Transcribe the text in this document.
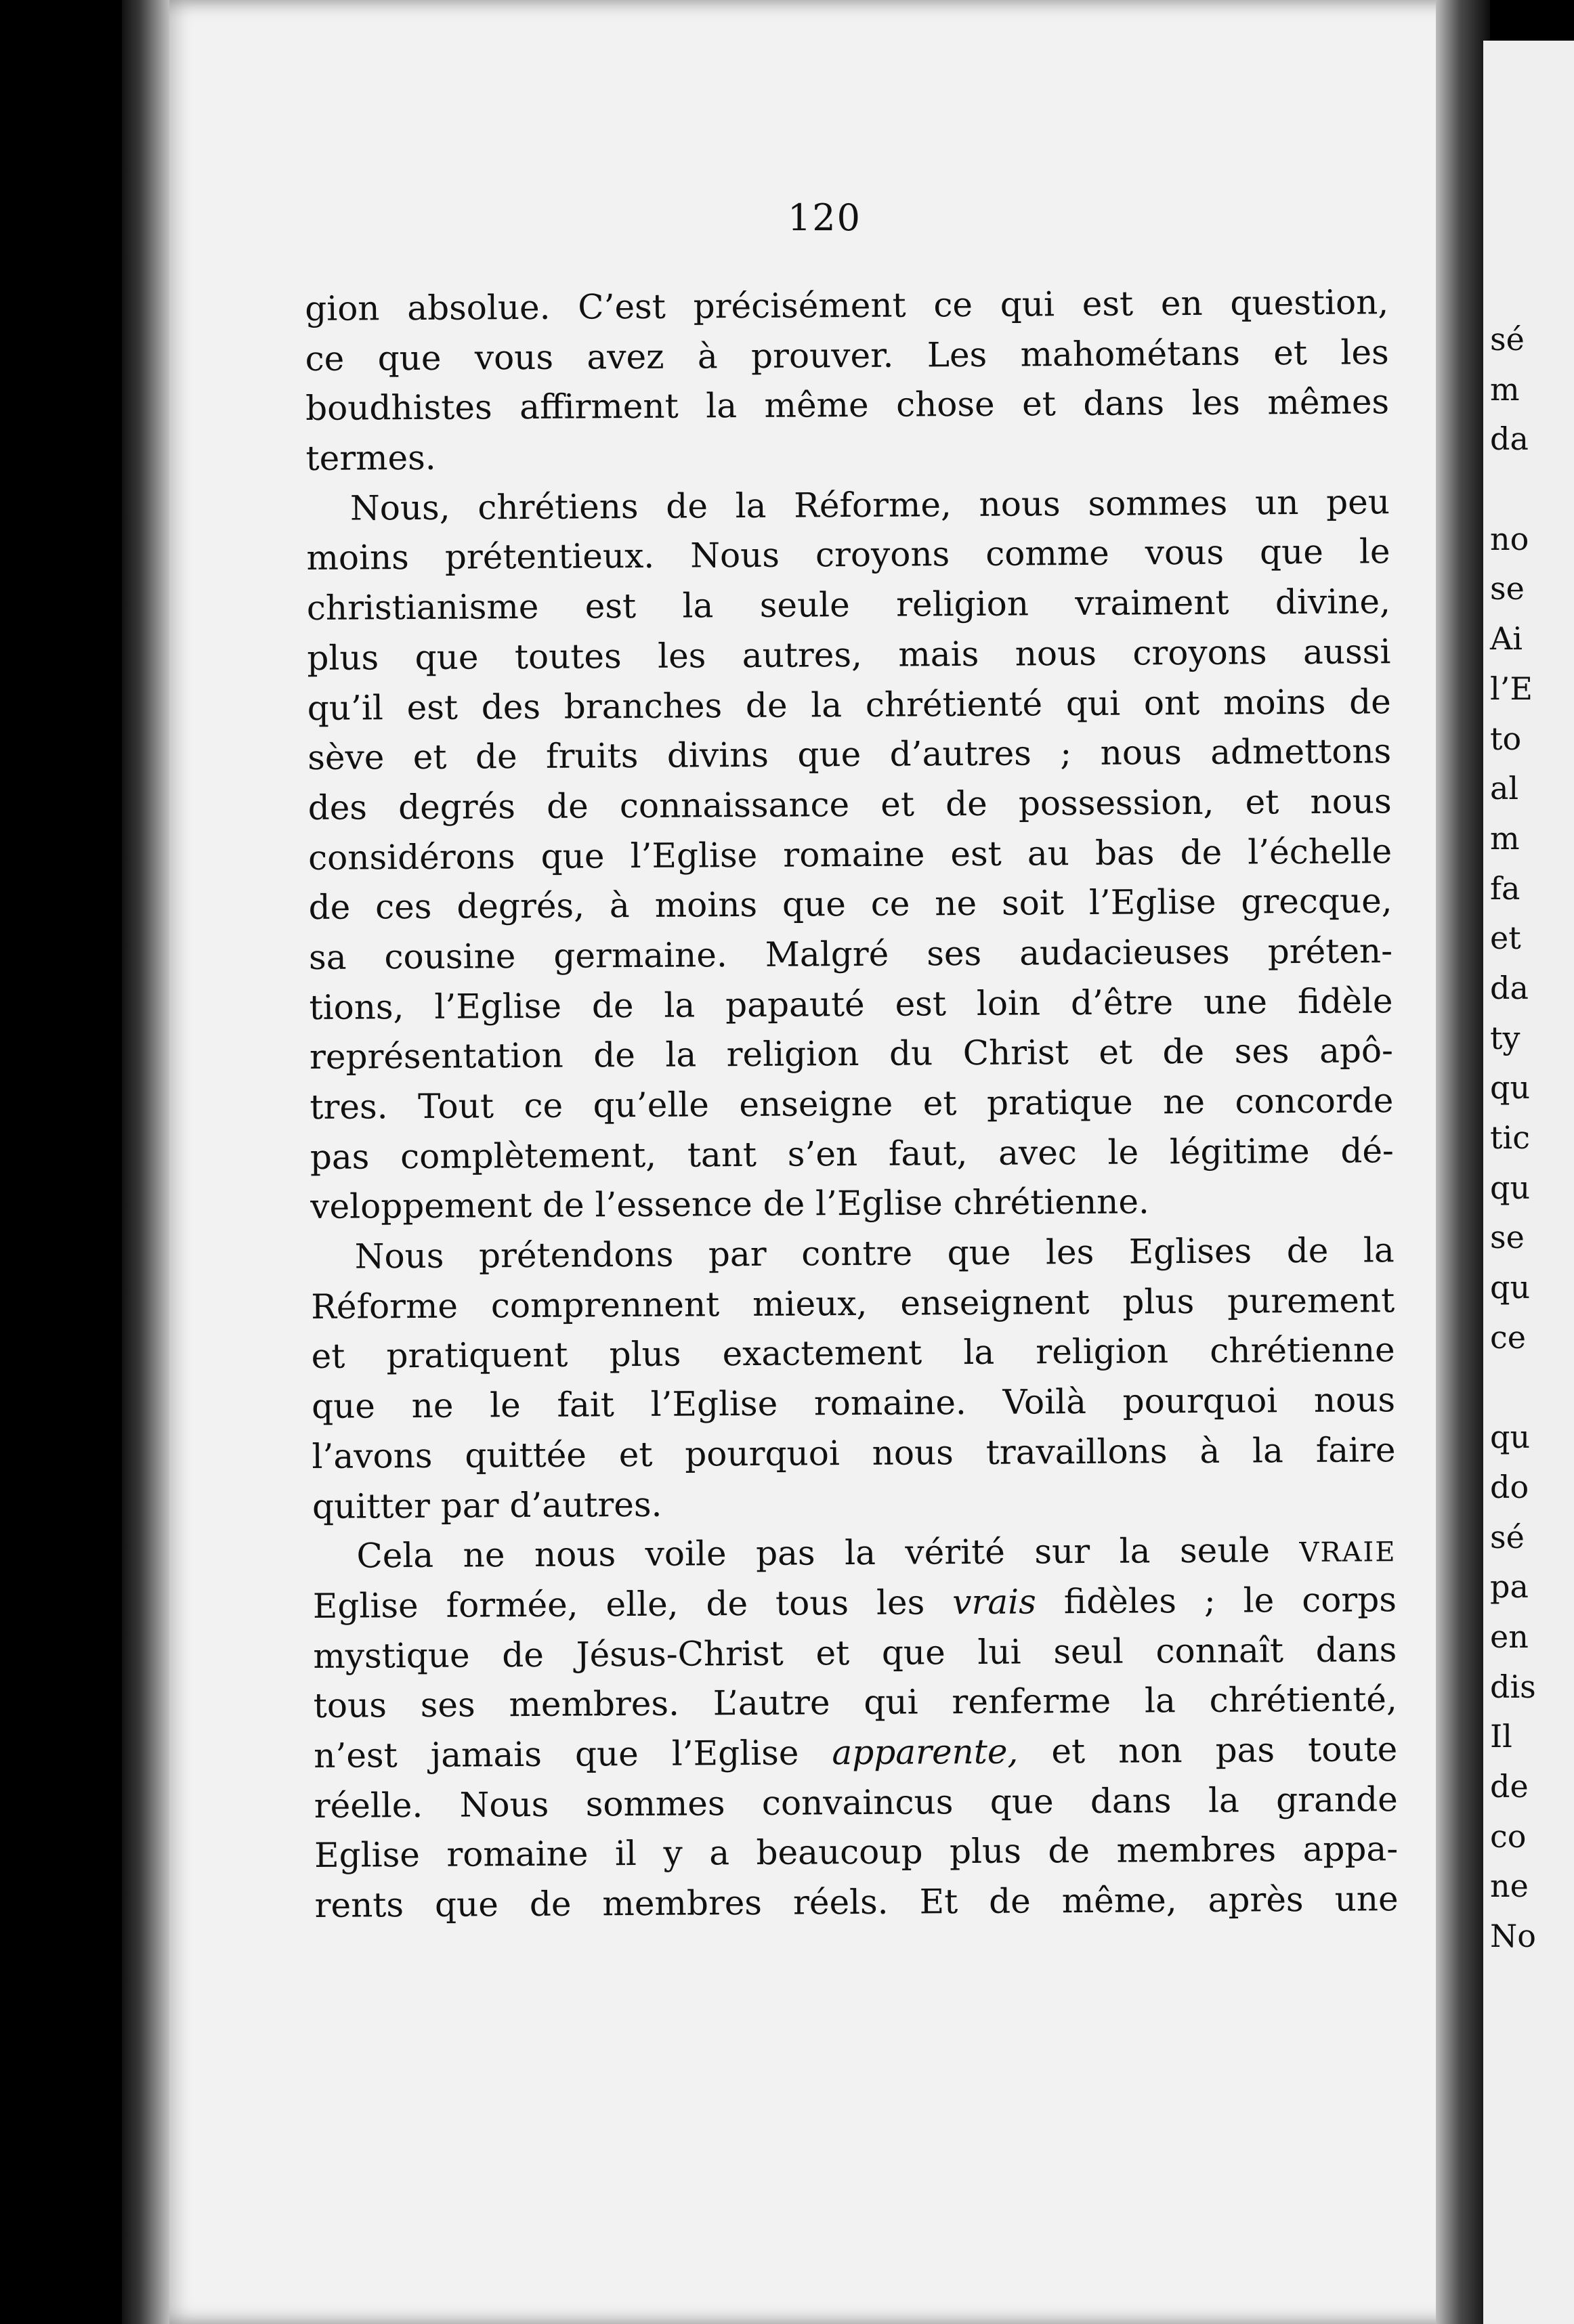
120
gion absolue. C’est précisément ce qui est en question,
ce que vous avez à prouver. Les mahométans et les
boudhistes affirment la même chose et dans les mêmes
termes.
Nous, chrétiens de la Réforme, nous sommes un peu
moins prétentieux. Nous croyons comme vous que le
christianisme est la seule religion vraiment divine,
plus que toutes les autres, mais nous croyons aussi
qu’il est des branches de la chrétienté qui ont moins de
sève et de fruits divins que d’autres ; nous admettons
des degrés de connaissance et de possession, et nous
considérons que l’Eglise romaine est au bas de l’échelle
de ces degrés, à moins que ce ne soit l’Eglise grecque,
sa cousine germaine. Malgré ses audacieuses préten-
tions, l’Eglise de la papauté est loin d’être une fidèle
représentation de la religion du Christ et de ses apô-
tres. Tout ce qu’elle enseigne et pratique ne concorde
pas complètement, tant s’en faut, avec le légitime dé-
veloppement de l’essence de l’Eglise chrétienne.
Nous prétendons par contre que les Eglises de la
Réforme comprennent mieux, enseignent plus purement
et pratiquent plus exactement la religion chrétienne
que ne le fait l’Eglise romaine. Voilà pourquoi nous
l’avons quittée et pourquoi nous travaillons à la faire
quitter par d’autres.
Cela ne nous voile pas la vérité sur la seule VRAIE
Eglise formée, elle, de tous les vrais fidèles ; le corps
mystique de Jésus-Christ et que lui seul connaît dans
tous ses membres. L’autre qui renferme la chrétienté,
n’est jamais que l’Eglise apparente, et non pas toute
réelle. Nous sommes convaincus que dans la grande
Eglise romaine il y a beaucoup plus de membres appa-
rents que de membres réels. Et de même, après une
sé
m
da
no
se
Ai
l’E
to
al
m
fa
et
da
ty
qu
tic
qu
se
qu
ce
qu
do
sé
pa
en
dis
Il
de
co
ne
No
